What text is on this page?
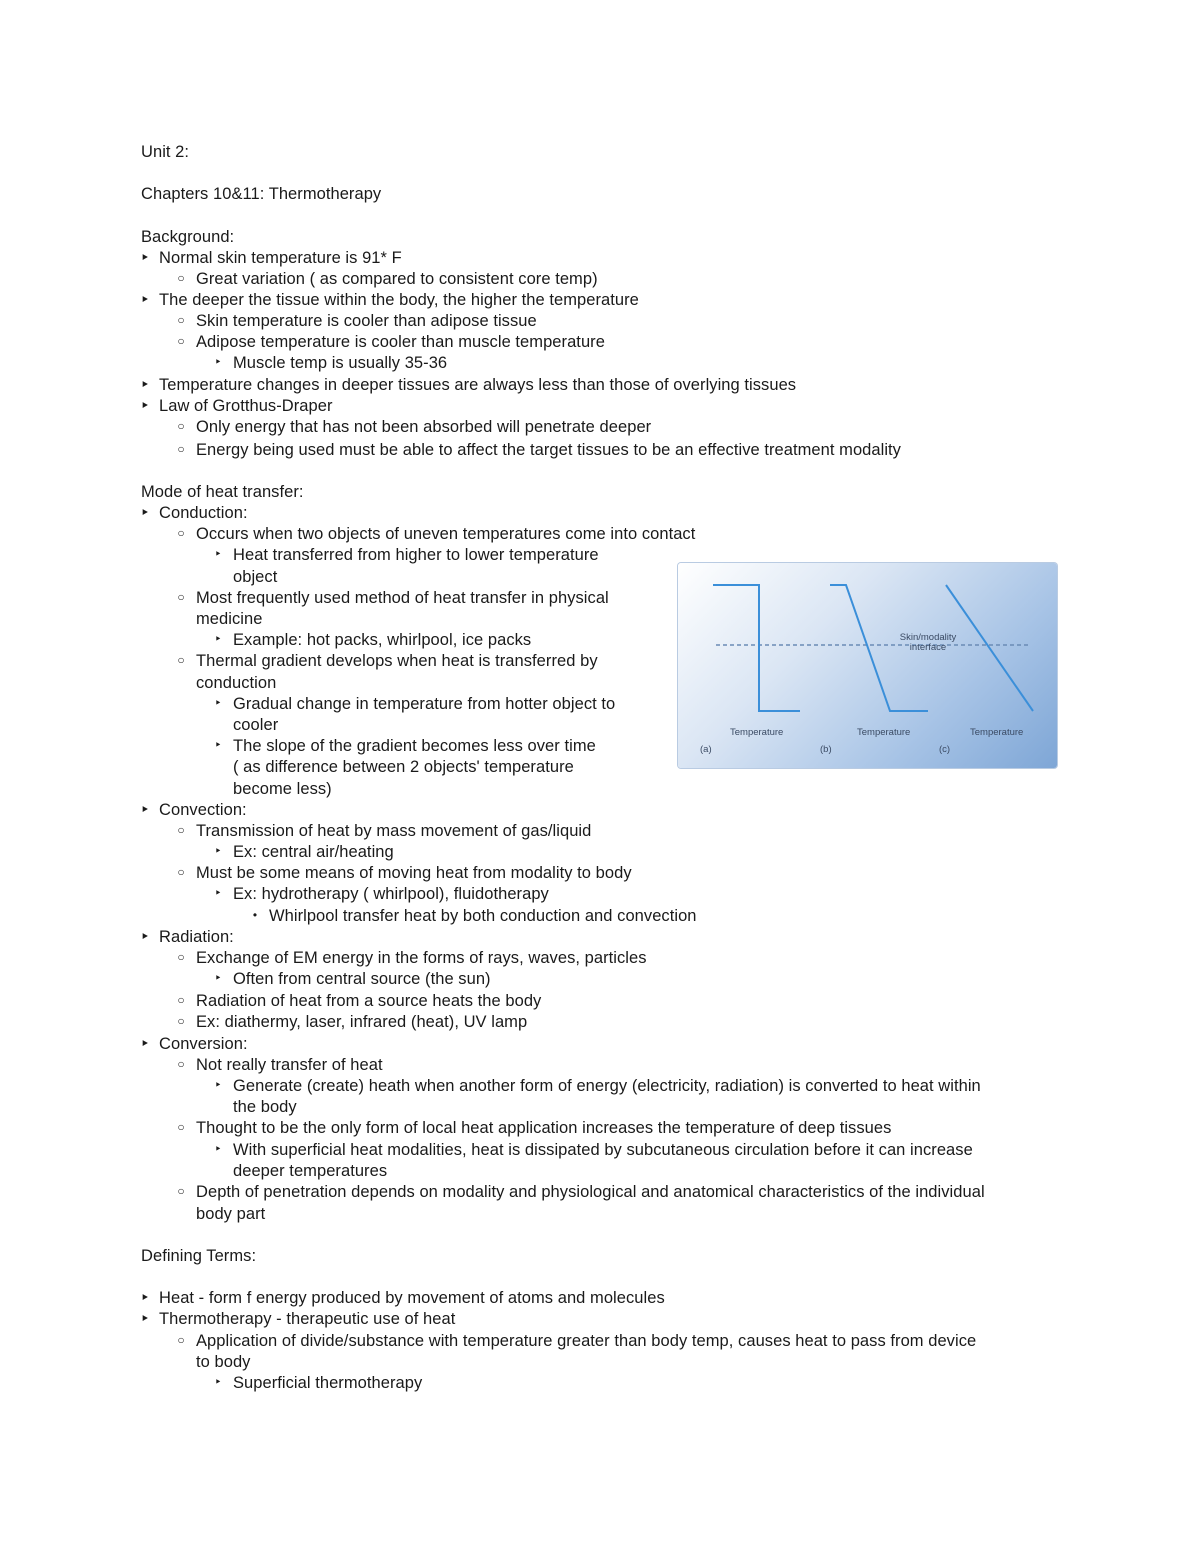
Unit 2:
Chapters 10&11: Thermotherapy
Background:
‣
Normal skin temperature is 91* F
○
Great variation ( as compared to consistent core temp)
‣
The deeper the tissue within the body, the higher the temperature
○
Skin temperature is cooler than adipose tissue
○
Adipose temperature is cooler than muscle temperature
‣
Muscle temp is usually 35-36
‣
Temperature changes in deeper tissues are always less than those of overlying tissues
‣
Law of Grotthus-Draper
○
Only energy that has not been absorbed will penetrate deeper
○
Energy being used must be able to affect the target tissues to be an effective treatment modality
Mode of heat transfer:
‣
Conduction:
○
Occurs when two objects of uneven temperatures come into contact
‣
Heat transferred from higher to lower temperature
object
○
Most frequently used method of heat transfer in physical
medicine
‣
Example: hot packs, whirlpool, ice packs
○
Thermal gradient develops when heat is transferred by
conduction
‣
Gradual change in temperature from hotter object to
cooler
‣
The slope of the gradient becomes less over time
( as difference between 2 objects' temperature
become less)
‣
Convection:
○
Transmission of heat by mass movement of gas/liquid
‣
Ex: central air/heating
○
Must be some means of moving heat from modality to body
‣
Ex: hydrotherapy ( whirlpool), fluidotherapy
•
Whirlpool transfer heat by both conduction and convection
‣
Radiation:
○
Exchange of EM energy in the forms of rays, waves, particles
‣
Often from central source (the sun)
○
Radiation of heat from a source heats the body
○
Ex: diathermy, laser, infrared (heat), UV lamp
‣
Conversion:
○
Not really transfer of heat
‣
Generate (create) heath when another form of energy (electricity, radiation) is converted to heat within
the body
○
Thought to be the only form of local heat application increases the temperature of deep tissues
‣
With superficial heat modalities, heat is dissipated by subcutaneous circulation before it can increase
deeper temperatures
○
Depth of penetration depends on modality and physiological and anatomical characteristics of the individual
body part
Defining Terms:
‣
Heat - form f energy produced by movement of atoms and molecules
‣
Thermotherapy - therapeutic use of heat
○
Application of divide/substance with temperature greater than body temp, causes heat to pass from device
to body
‣
Superficial thermotherapy
Skin/modality interface
Temperature	Temperature	Temperature
(a)	(b)	(c)
